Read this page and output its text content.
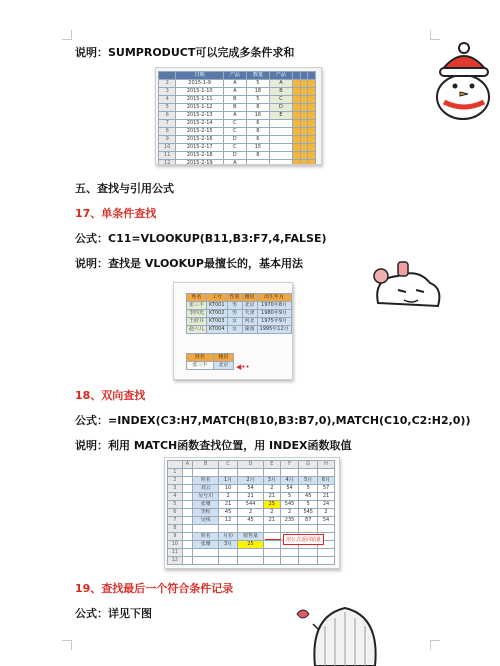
说明：SUMPRODUCT可以完成多条件求和
	日期	产品	数量	产品			
2	2015-1-9	A	5	A			
3	2015-1-10	A	18	B			
4	2015-1-11	B	5	C			
5	2015-1-12	B	8	D			
6	2015-2-13	A	16	E			
7	2015-2-14	C	6				
8	2015-2-15	C	8				
9	2015-2-16	D	6				
10	2015-2-17	C	15				
11	2015-2-18	D	8				
12	2015-2-19	A					
五、查找与引用公式
17、单条件查找
公式：C11=VLOOKUP(B11,B3:F7,4,FALSE)
说明：查找是 VLOOKUP最擅长的，基本用法
姓名	工号	性别	籍贯	出生年月
张三丰	KT001	男	北京	1970年8月
李四光	KT002	男	天津	1980年9月
王府井	KT003	女	河北	1975年9月
赵六儿	KT004	女	湖南	1995年12月
姓名	籍贯
张三丰	北京 ◀••
18、双向查找
公式：=INDEX(C3:H7,MATCH(B10,B3:B7,0),MATCH(C10,C2:H2,0))
说明：利用 MATCH函数查找位置，用 INDEX函数取值
	A	B	C	D	E	F	G	H
1								
2		姓名	1月	2月	3月	4月	5月	6月
3		刘云	10	54	2	54	5	57
4		吴号川	2	21	21	5	45	21
5		张珊	21	544	25	545	5	24
6		李程	45	2	2	2	545	2
7		吴线	12	45	21	235	87	54
8								
9		姓名	月份	销售量				
10		张珊	3月	25				
11								
12								
用公式返回销量
19、查找最后一个符合条件记录
公式：详见下图
